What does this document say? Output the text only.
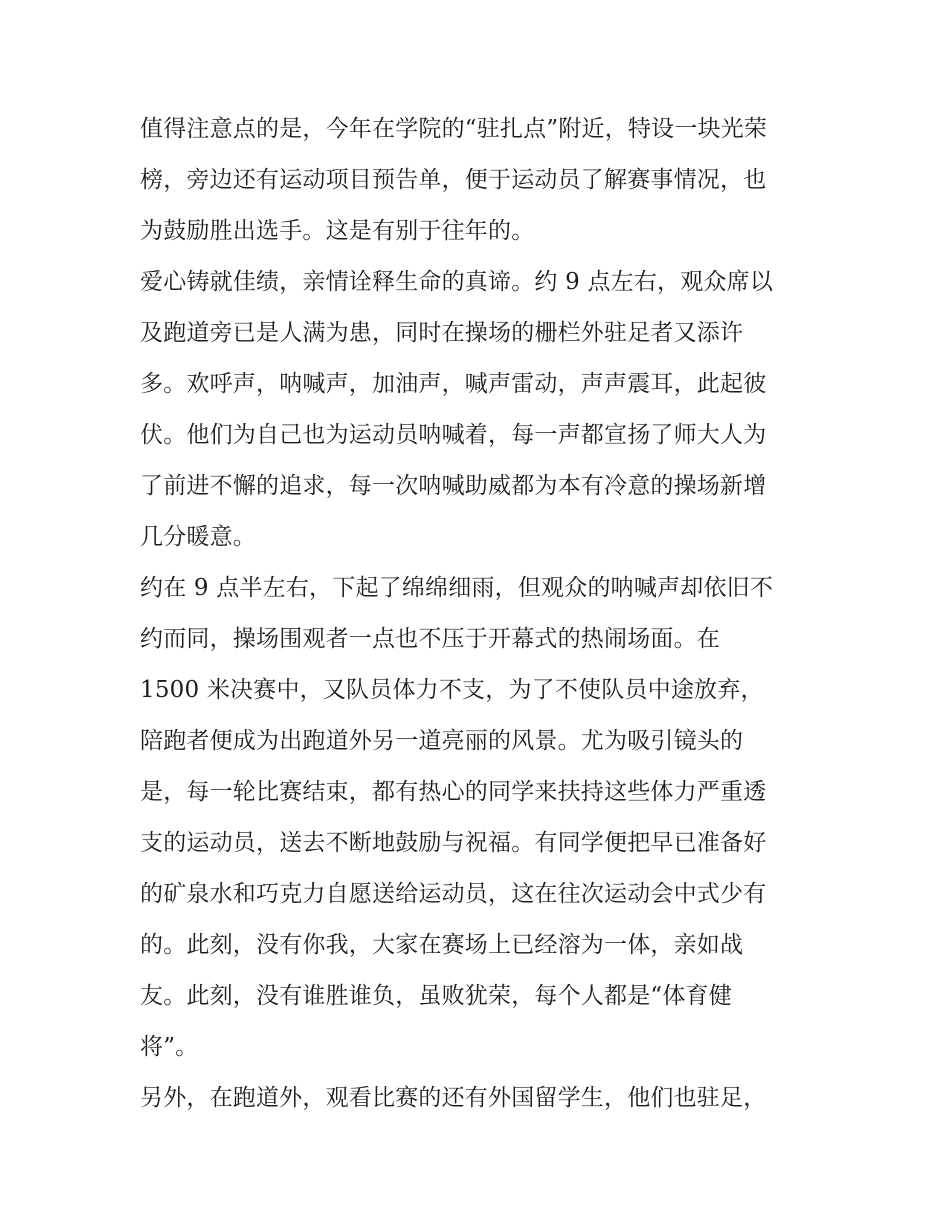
值得注意点的是，今年在学院的“驻扎点”附近，特设一块光荣
榜，旁边还有运动项目预告单，便于运动员了解赛事情况，也
为鼓励胜出选手。这是有别于往年的。
爱心铸就佳绩，亲情诠释生命的真谛。约 9 点左右，观众席以
及跑道旁已是人满为患，同时在操场的栅栏外驻足者又添许
多。欢呼声，呐喊声，加油声，喊声雷动，声声震耳，此起彼
伏。他们为自己也为运动员呐喊着，每一声都宣扬了师大人为
了前进不懈的追求，每一次呐喊助威都为本有冷意的操场新增
几分暖意。
约在 9 点半左右，下起了绵绵细雨，但观众的呐喊声却依旧不
约而同，操场围观者一点也不压于开幕式的热闹场面。在
1500 米决赛中，又队员体力不支，为了不使队员中途放弃，
陪跑者便成为出跑道外另一道亮丽的风景。尤为吸引镜头的
是，每一轮比赛结束，都有热心的同学来扶持这些体力严重透
支的运动员，送去不断地鼓励与祝福。有同学便把早已准备好
的矿泉水和巧克力自愿送给运动员，这在往次运动会中式少有
的。此刻，没有你我，大家在赛场上已经溶为一体，亲如战
友。此刻，没有谁胜谁负，虽败犹荣，每个人都是“体育健
将”。
另外，在跑道外，观看比赛的还有外国留学生，他们也驻足，
